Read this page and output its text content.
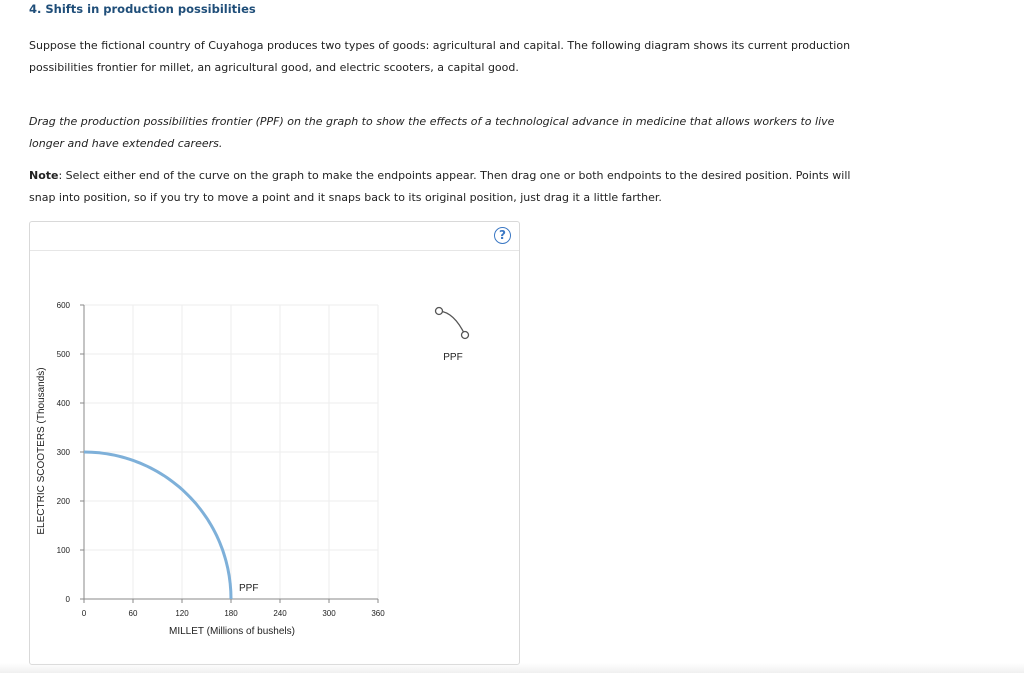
4. Shifts in production possibilities
Suppose the fictional country of Cuyahoga produces two types of goods: agricultural and capital. The following diagram shows its current production
possibilities frontier for millet, an agricultural good, and electric scooters, a capital good.
Drag the production possibilities frontier (PPF) on the graph to show the effects of a technological advance in medicine that allows workers to live
longer and have extended careers.
Note: Select either end of the curve on the graph to make the endpoints appear. Then drag one or both endpoints to the desired position. Points will
snap into position, so if you try to move a point and it snaps back to its original position, just drag it a little farther.
?
0
100
200
300
400
500
600
0	60	120	180	240	300	360
MILLET (Millions of bushels)
ELECTRIC SCOOTERS (Thousands)
PPF
PPF
